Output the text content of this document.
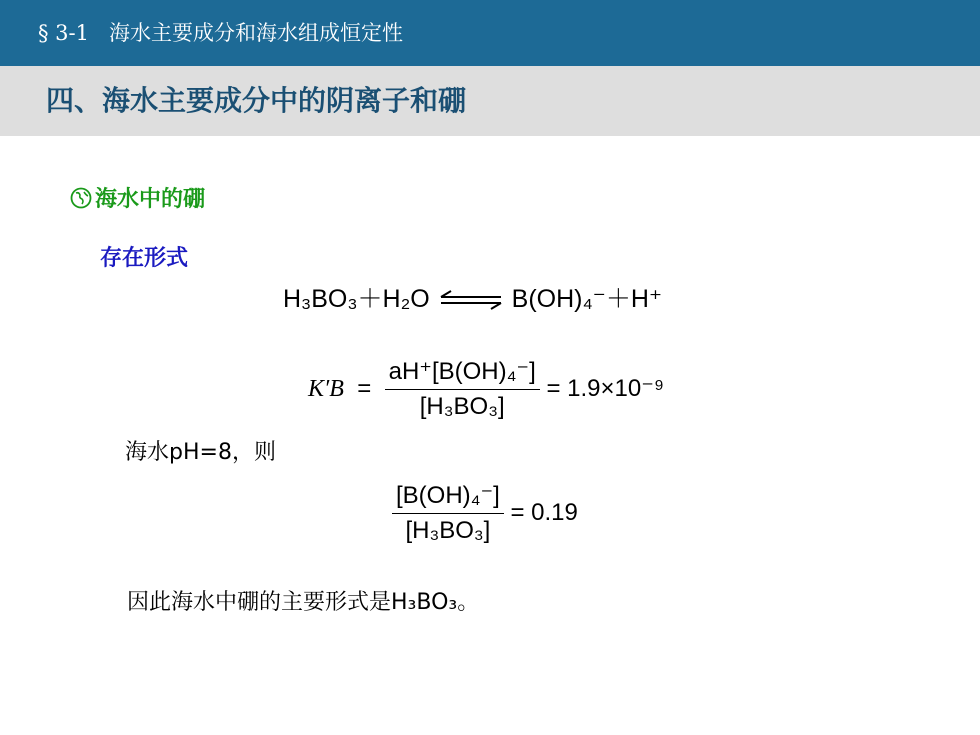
§ 3-1 海水主要成分和海水组成恒定性
四、海水主要成分中的阴离子和硼
海水中的硼
存在形式
H₃BO₃＋H₂O ⇌ B(OH)₄⁻＋H⁺
$K'B = \frac{\text{aH⁺[B(OH)₄⁻]}}{\text{[H₃BO₃]}} = 1.9\times 10^{-9}$
海水pH=8，则
$\frac{\text{[B(OH)₄⁻]}}{\text{[H₃BO₃]}} = 0.19$
因此海水中硼的主要形式是H₃BO₃。
